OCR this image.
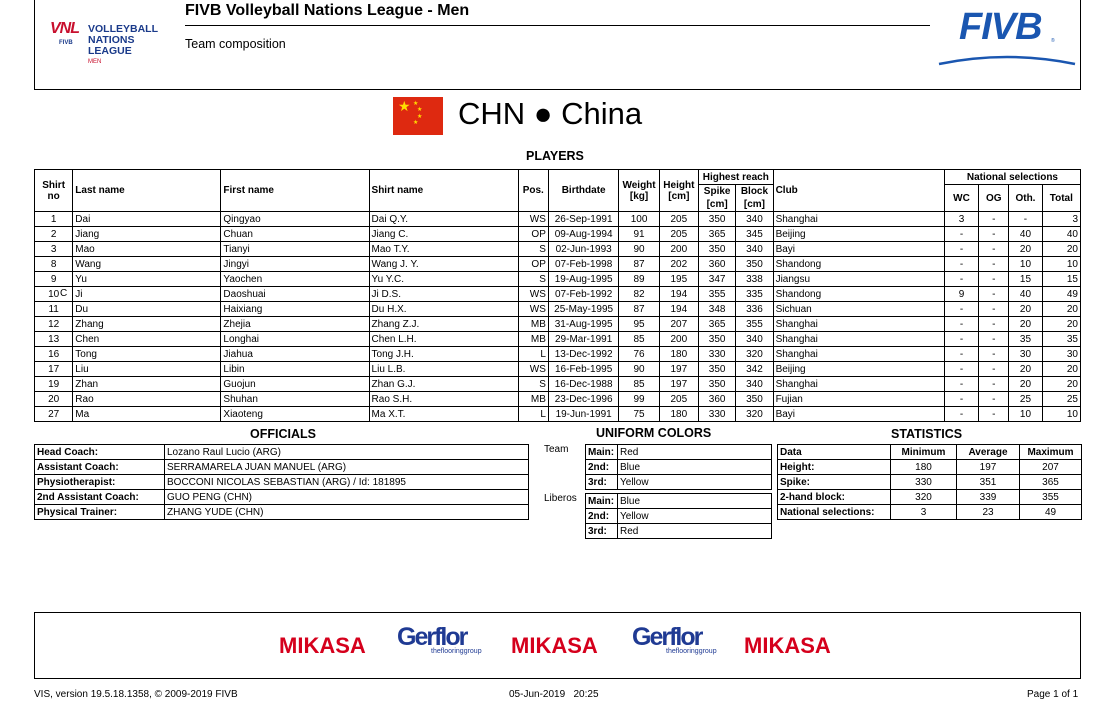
VNL
FIVB
VOLLEYBALL
NATIONS LEAGUE
MEN
FIVB Volleyball Nations League - Men
Team composition	FIVB ®
★ ★
★
★
★ CHN ● China
PLAYERS
Shirt no	Last name	First name	Shirt name	Pos.	Birthdate	Weight [kg]	Height [cm]	Highest reach		Club	National selections			
								Spike [cm]	Block [cm]		WC	OG	Oth.	Total
1	Dai	Qingyao	Dai Q.Y.	WS	26-Sep-1991	100	205	350	340	Shanghai	3	-	-	3
2	Jiang	Chuan	Jiang C.	OP	09-Aug-1994	91	205	365	345	Beijing	-	-	40	40
3	Mao	Tianyi	Mao T.Y.	S	02-Jun-1993	90	200	350	340	Bayi	-	-	20	20
8	Wang	Jingyi	Wang J. Y.	OP	07-Feb-1998	87	202	360	350	Shandong	-	-	10	10
9	Yu	Yaochen	Yu Y.C.	S	19-Aug-1995	89	195	347	338	Jiangsu	-	-	15	15
10 C	Ji	Daoshuai	Ji D.S.	WS	07-Feb-1992	82	194	355	335	Shandong	9	-	40	49
11	Du	Haixiang	Du H.X.	WS	25-May-1995	87	194	348	336	Sichuan	-	-	20	20
12	Zhang	Zhejia	Zhang Z.J.	MB	31-Aug-1995	95	207	365	355	Shanghai	-	-	20	20
13	Chen	Longhai	Chen L.H.	MB	29-Mar-1991	85	200	350	340	Shanghai	-	-	35	35
16	Tong	Jiahua	Tong J.H.	L	13-Dec-1992	76	180	330	320	Shanghai	-	-	30	30
17	Liu	Libin	Liu L.B.	WS	16-Feb-1995	90	197	350	342	Beijing	-	-	20	20
19	Zhan	Guojun	Zhan G.J.	S	16-Dec-1988	85	197	350	340	Shanghai	-	-	20	20
20	Rao	Shuhan	Rao S.H.	MB	23-Dec-1996	99	205	360	350	Fujian	-	-	25	25
27	Ma	Xiaoteng	Ma X.T.	L	19-Jun-1991	75	180	330	320	Bayi	-	-	10	10
OFFICIALS
Head Coach:	Lozano Raul Lucio (ARG)
Assistant Coach:	SERRAMARELA JUAN MANUEL (ARG)
Physiotherapist:	BOCCONI NICOLAS SEBASTIAN (ARG) / Id: 181895
2nd Assistant Coach:	GUO PENG (CHN)
Physical Trainer:	ZHANG YUDE (CHN)
UNIFORM COLORS
Team Main:	Red
2nd:	Blue
3rd:	Yellow
Liberos Main:	Blue
2nd:	Yellow
3rd:	Red
STATISTICS
Data	Minimum	Average	Maximum
Height:	180	197	207
Spike:	330	351	365
2-hand block:	320	339	355
National selections:	3	23	49
MIKASA Gerflor
theflooringgroup MIKASA Gerflor
theflooringgroup MIKASA
VIS, version 19.5.18.1358, © 2009-2019 FIVB	05-Jun-2019   20:25	Page 1 of 1
